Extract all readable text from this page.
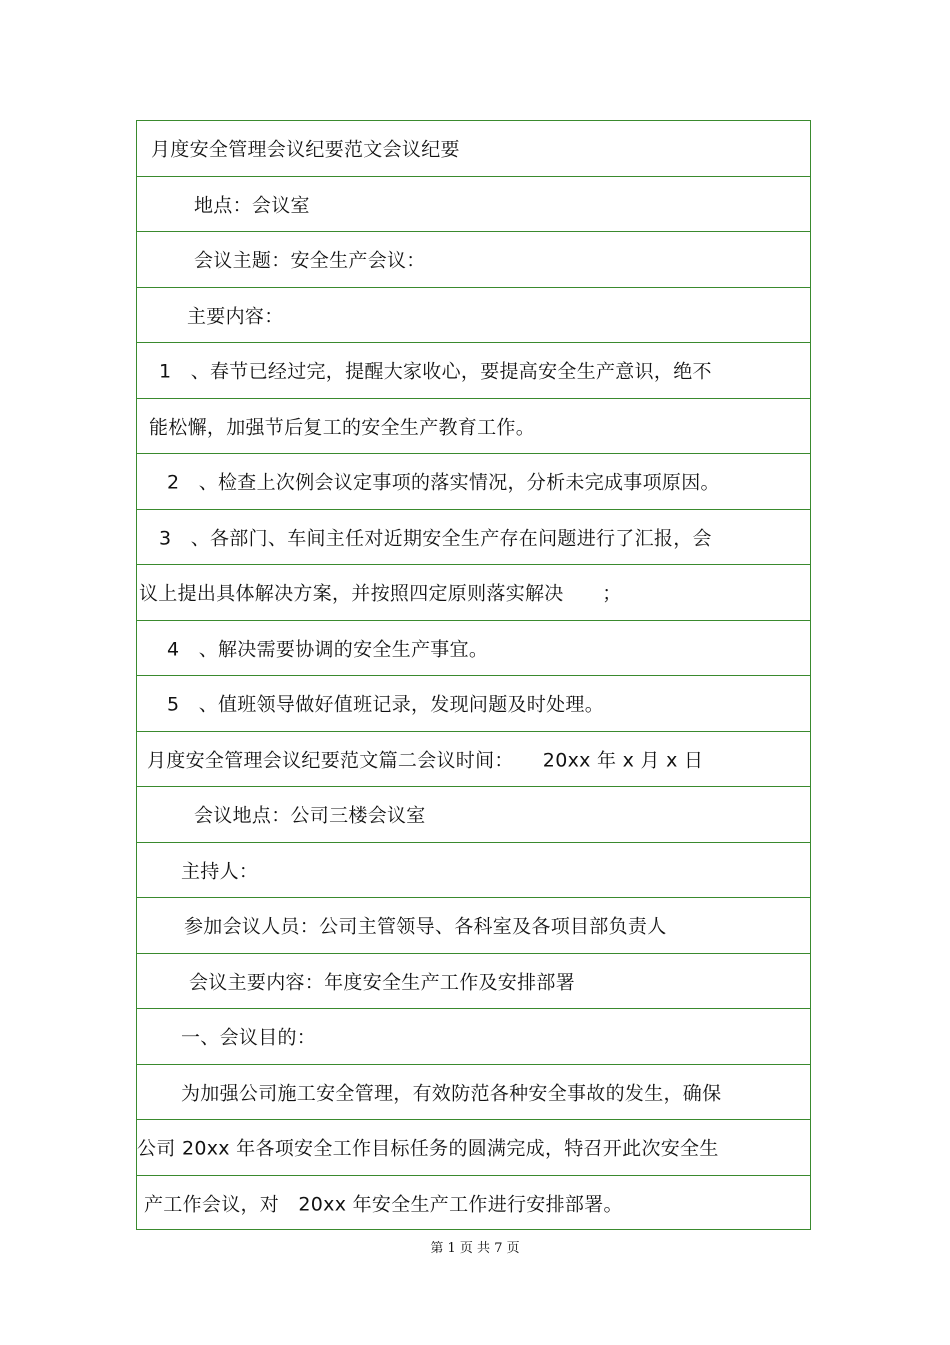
月度安全管理会议纪要范文会议纪要
地点：会议室
会议主题：安全生产会议：
主要内容：
1　、春节已经过完，提醒大家收心，要提高安全生产意识，绝不
能松懈，加强节后复工的安全生产教育工作。
2　、检查上次例会议定事项的落实情况，分析未完成事项原因。
3　、各部门、车间主任对近期安全生产存在问题进行了汇报，会
议上提出具体解决方案，并按照四定原则落实解决　　；
4　、解决需要协调的安全生产事宜。
5　、值班领导做好值班记录，发现问题及时处理。
月度安全管理会议纪要范文篇二会议时间：　　20xx 年 x 月 x 日
会议地点：公司三楼会议室
主持人：
参加会议人员：公司主管领导、各科室及各项目部负责人
会议主要内容：年度安全生产工作及安排部署
一、会议目的：
为加强公司施工安全管理，有效防范各种安全事故的发生，确保
公司 20xx 年各项安全工作目标任务的圆满完成，特召开此次安全生
产工作会议，对　20xx 年安全生产工作进行安排部署。
第 1 页 共 7 页
